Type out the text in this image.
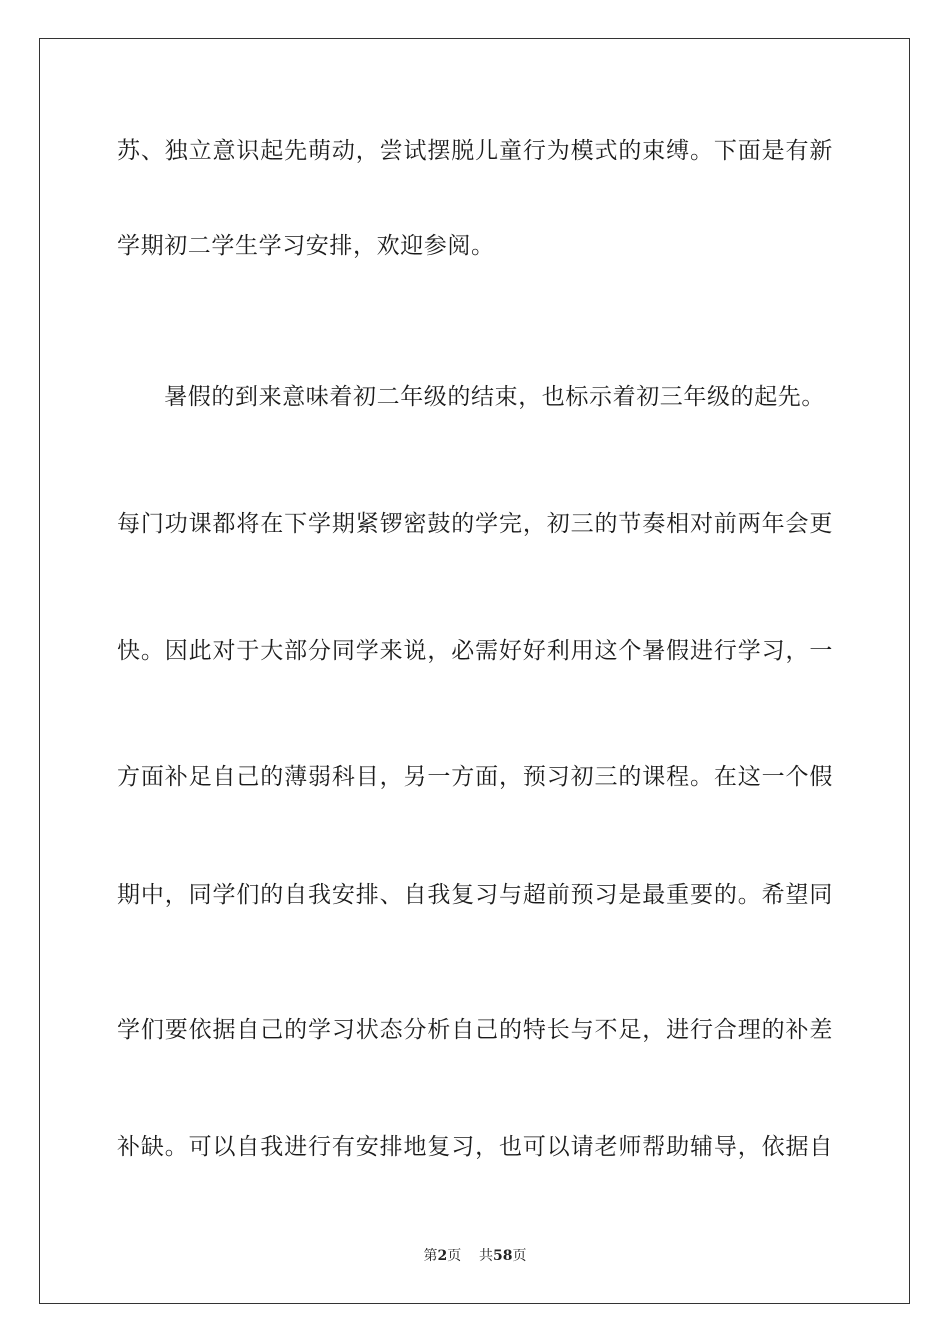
苏、独立意识起先萌动，尝试摆脱儿童行为模式的束缚。下面是有新
学期初二学生学习安排，欢迎参阅。
　　暑假的到来意味着初二年级的结束，也标示着初三年级的起先。
每门功课都将在下学期紧锣密鼓的学完，初三的节奏相对前两年会更
快。因此对于大部分同学来说，必需好好利用这个暑假进行学习，一
方面补足自己的薄弱科目，另一方面，预习初三的课程。在这一个假
期中，同学们的自我安排、自我复习与超前预习是最重要的。希望同
学们要依据自己的学习状态分析自己的特长与不足，进行合理的补差
补缺。可以自我进行有安排地复习，也可以请老师帮助辅导，依据自
第2页 共58页
